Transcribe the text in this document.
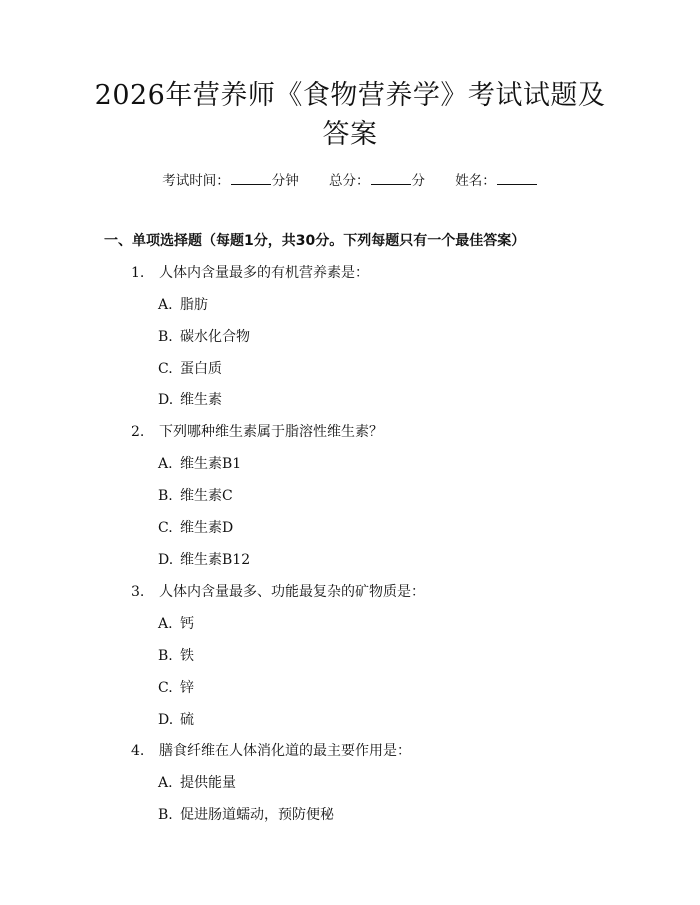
2026年营养师《食物营养学》考试试题及答案
考试时间：	分钟 总分：	分 姓名：
一、单项选择题（每题1分，共30分。下列每题只有一个最佳答案）
1. 人体内含量最多的有机营养素是：
A. 脂肪
B. 碳水化合物
C. 蛋白质
D. 维生素
2. 下列哪种维生素属于脂溶性维生素？
A. 维生素B1
B. 维生素C
C. 维生素D
D. 维生素B12
3. 人体内含量最多、功能最复杂的矿物质是：
A. 钙
B. 铁
C. 锌
D. 硫
4. 膳食纤维在人体消化道的最主要作用是：
A. 提供能量
B. 促进肠道蠕动，预防便秘
